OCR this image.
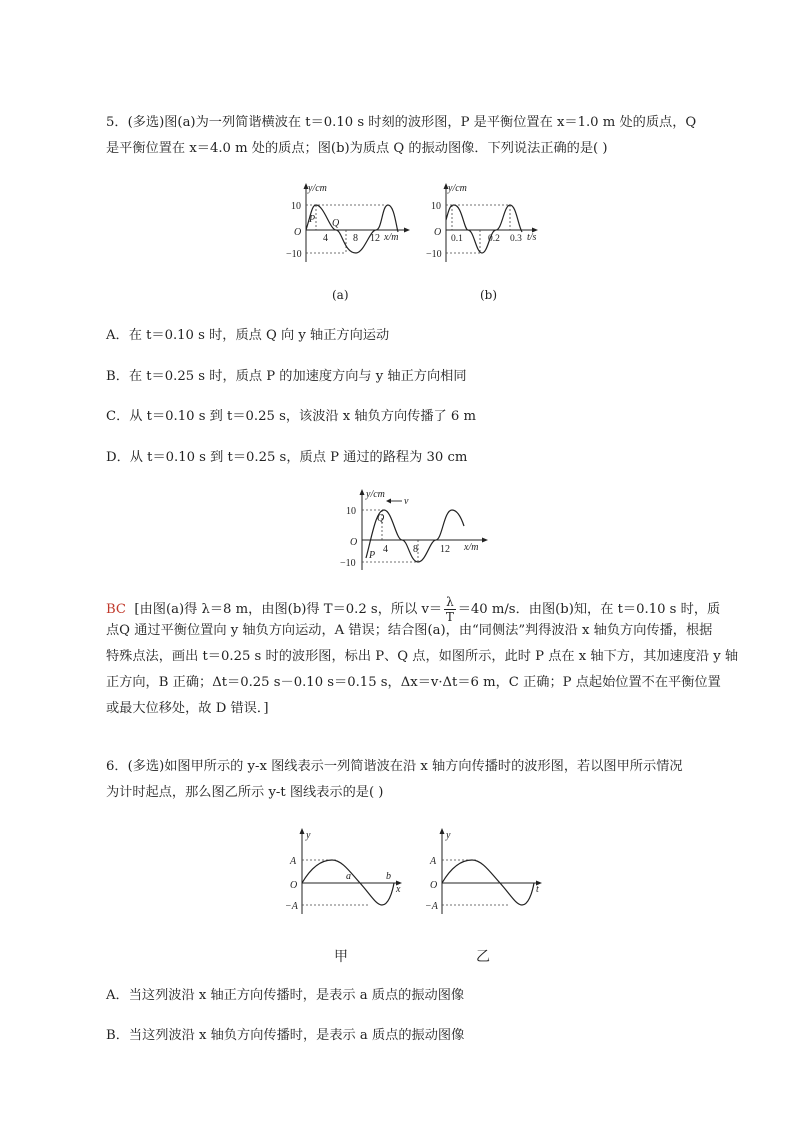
5．(多选)图(a)为一列简谐横波在 t＝0.10 s 时刻的波形图，P 是平衡位置在 x＝1.0 m 处的质点，Q

是平衡位置在 x＝4.0 m 处的质点；图(b)为质点 Q 的振动图像．下列说法正确的是( )

y/cm
10
−10
O
4	8 12 x/m
P Q
(a)
y/cm
10
−10
O
0.1	0.2 0.3 t/s
(b)

A．在 t＝0.10 s 时，质点 Q 向 y 轴正方向运动

B．在 t＝0.25 s 时，质点 P 的加速度方向与 y 轴正方向相同

C．从 t＝0.10 s 到 t＝0.25 s，该波沿 x 轴负方向传播了 6 m

D．从 t＝0.10 s 到 t＝0.25 s，质点 P 通过的路程为 30 cm

y/cm
10
−10
O
4	8 12 x/m
Q
P
v
BC [由图(a)得 λ＝8 m，由图(b)得 T＝0.2 s，所以 $v= \frac{\lambda}{T} =40$ m/s．由图(b)知，在 t＝0.10 s 时，质

点Q 通过平衡位置向 y 轴负方向运动，A 错误；结合图(a)，由“同侧法”判得波沿 x 轴负方向传播，根据

特殊点法，画出 t＝0.25 s 时的波形图，标出 P、Q 点，如图所示，此时 P 点在 x 轴下方，其加速度沿 y 轴

正方向，B 正确；Δt＝0.25 s－0.10 s＝0.15 s，Δx＝v·Δt＝6 m，C 正确；P 点起始位置不在平衡位置

或最大位移处，故 D 错误．]

6．(多选)如图甲所示的 y-x 图线表示一列简谐波在沿 x 轴方向传播时的波形图，若以图甲所示情况

为计时起点，那么图乙所示 y-t 图线表示的是( )

y
A
−A
O
a	b
x
甲
y
A
−A
O	t
乙

A．当这列波沿 x 轴正方向传播时，是表示 a 质点的振动图像

B．当这列波沿 x 轴负方向传播时，是表示 a 质点的振动图像
